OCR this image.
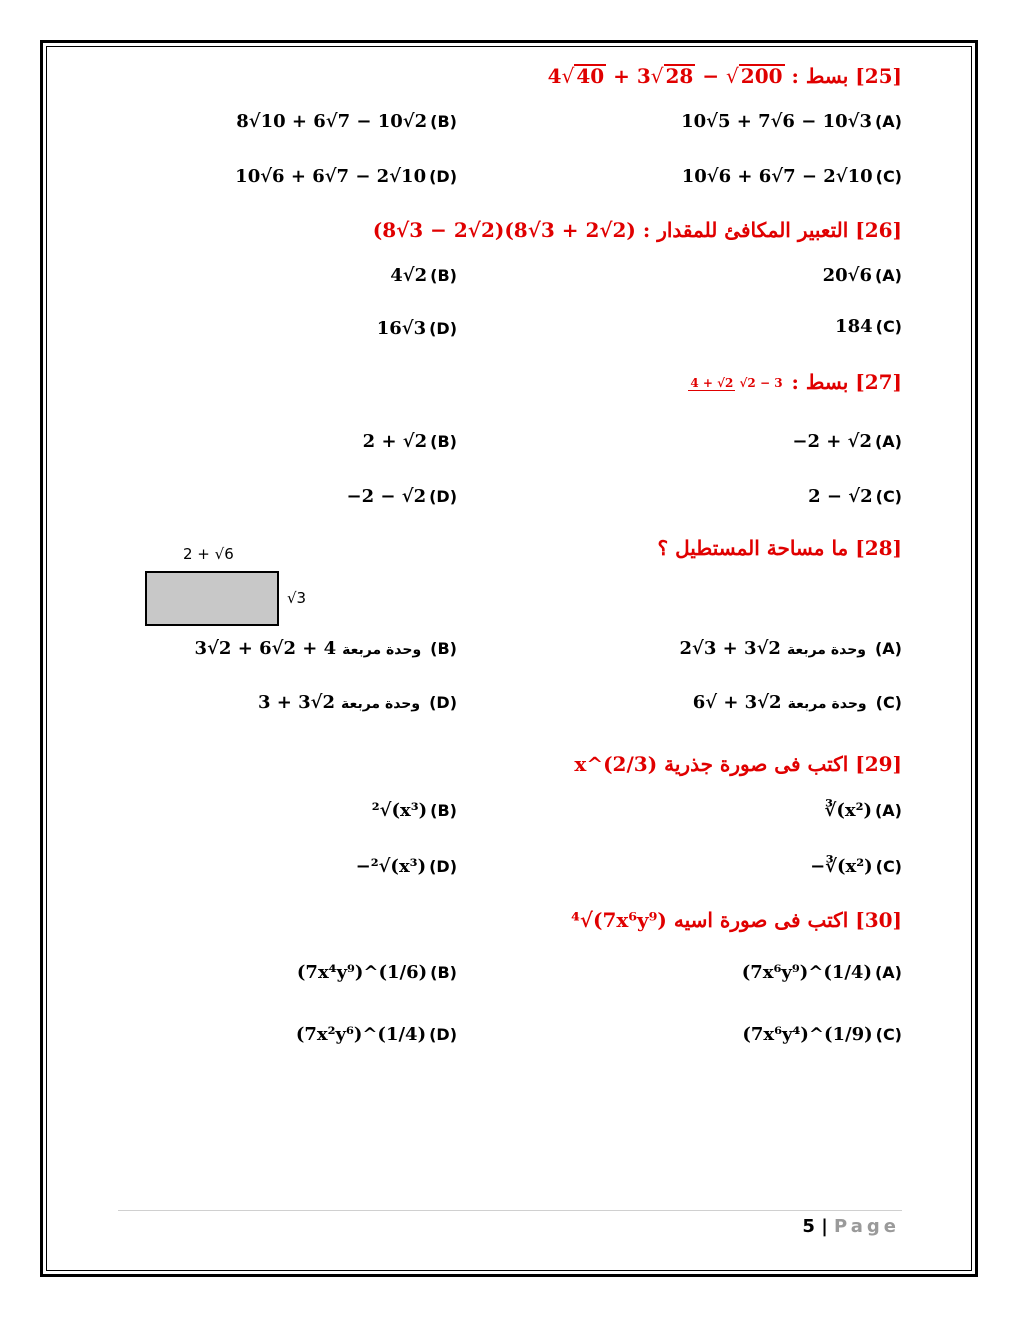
[25] بسط : 4√ 40 + 3√ 28 − √ 200
10√5 + 7√6 − 10√3 (A)
8√10 + 6√7 − 10√2 (B)
10√6 + 6√7 − 2√10 (C)
10√6 + 6√7 − 2√10 (D)
[26] التعبير المكافئ للمقدار : (8√3 − 2√2)(8√3 + 2√2)
20√6 (A)
4√2 (B)
184 (C)
16√3 (D)
[27] بسط : 4 + √2 √2 − 3
−2 + √2 (A)
2 + √2 (B)
2 − √2 (C)
−2 − √2 (D)
[28] ما مساحة المستطيل ؟
2 + √6
√3
وحدة مربعة2√3 + 3√2	(A)
وحدة مربعة4 + 2√6 + 2√3	(B)
وحدة مربعة2√3 + √6	(C)
وحدة مربعة2√3 + 3	(D)
[29] اكتب فى صورة جذرية x^(2/3)
∛(x²) (A)
²√(x³) (B)
−∛(x²) (C)
−²√(x³) (D)
[30] اكتب فى صورة اسيه ⁴√(7x⁶y⁹)
(7x⁶y⁹)^(1/4) (A)
(7x⁴y⁹)^(1/6) (B)
(7x⁶y⁴)^(1/9) (C)
(7x²y⁶)^(1/4) (D)
5 | Page
